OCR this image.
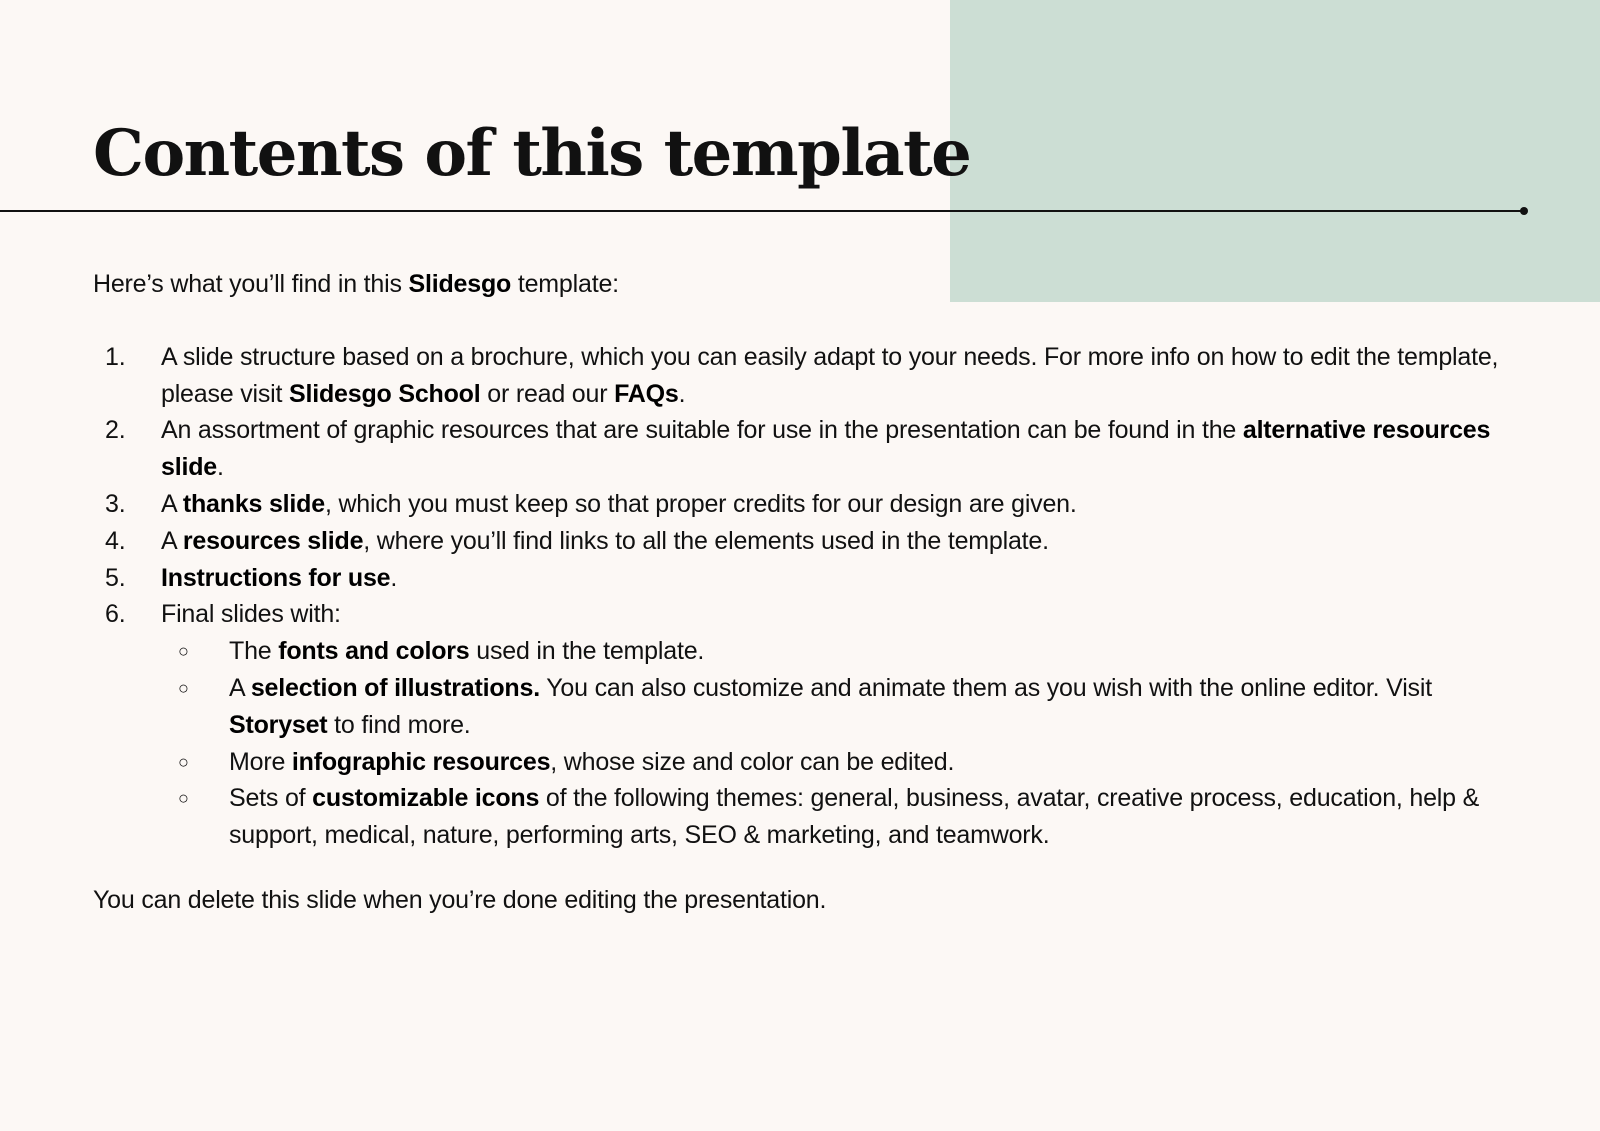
Contents of this template

Here’s what you’ll find in this Slidesgo template:

1. A slide structure based on a brochure, which you can easily adapt to your needs. For more info on how to edit the template, please visit Slidesgo School or read our FAQs.
2. An assortment of graphic resources that are suitable for use in the presentation can be found in the alternative resources slide.
3. A thanks slide, which you must keep so that proper credits for our design are given.
4. A resources slide, where you’ll find links to all the elements used in the template.
5. Instructions for use.
6. Final slides with:
○ The fonts and colors used in the template.
○ A selection of illustrations. You can also customize and animate them as you wish with the online editor. Visit Storyset to find more.
○ More infographic resources, whose size and color can be edited.
○ Sets of customizable icons of the following themes: general, business, avatar, creative process, education, help & support, medical, nature, performing arts, SEO & marketing, and teamwork.

You can delete this slide when you’re done editing the presentation.
